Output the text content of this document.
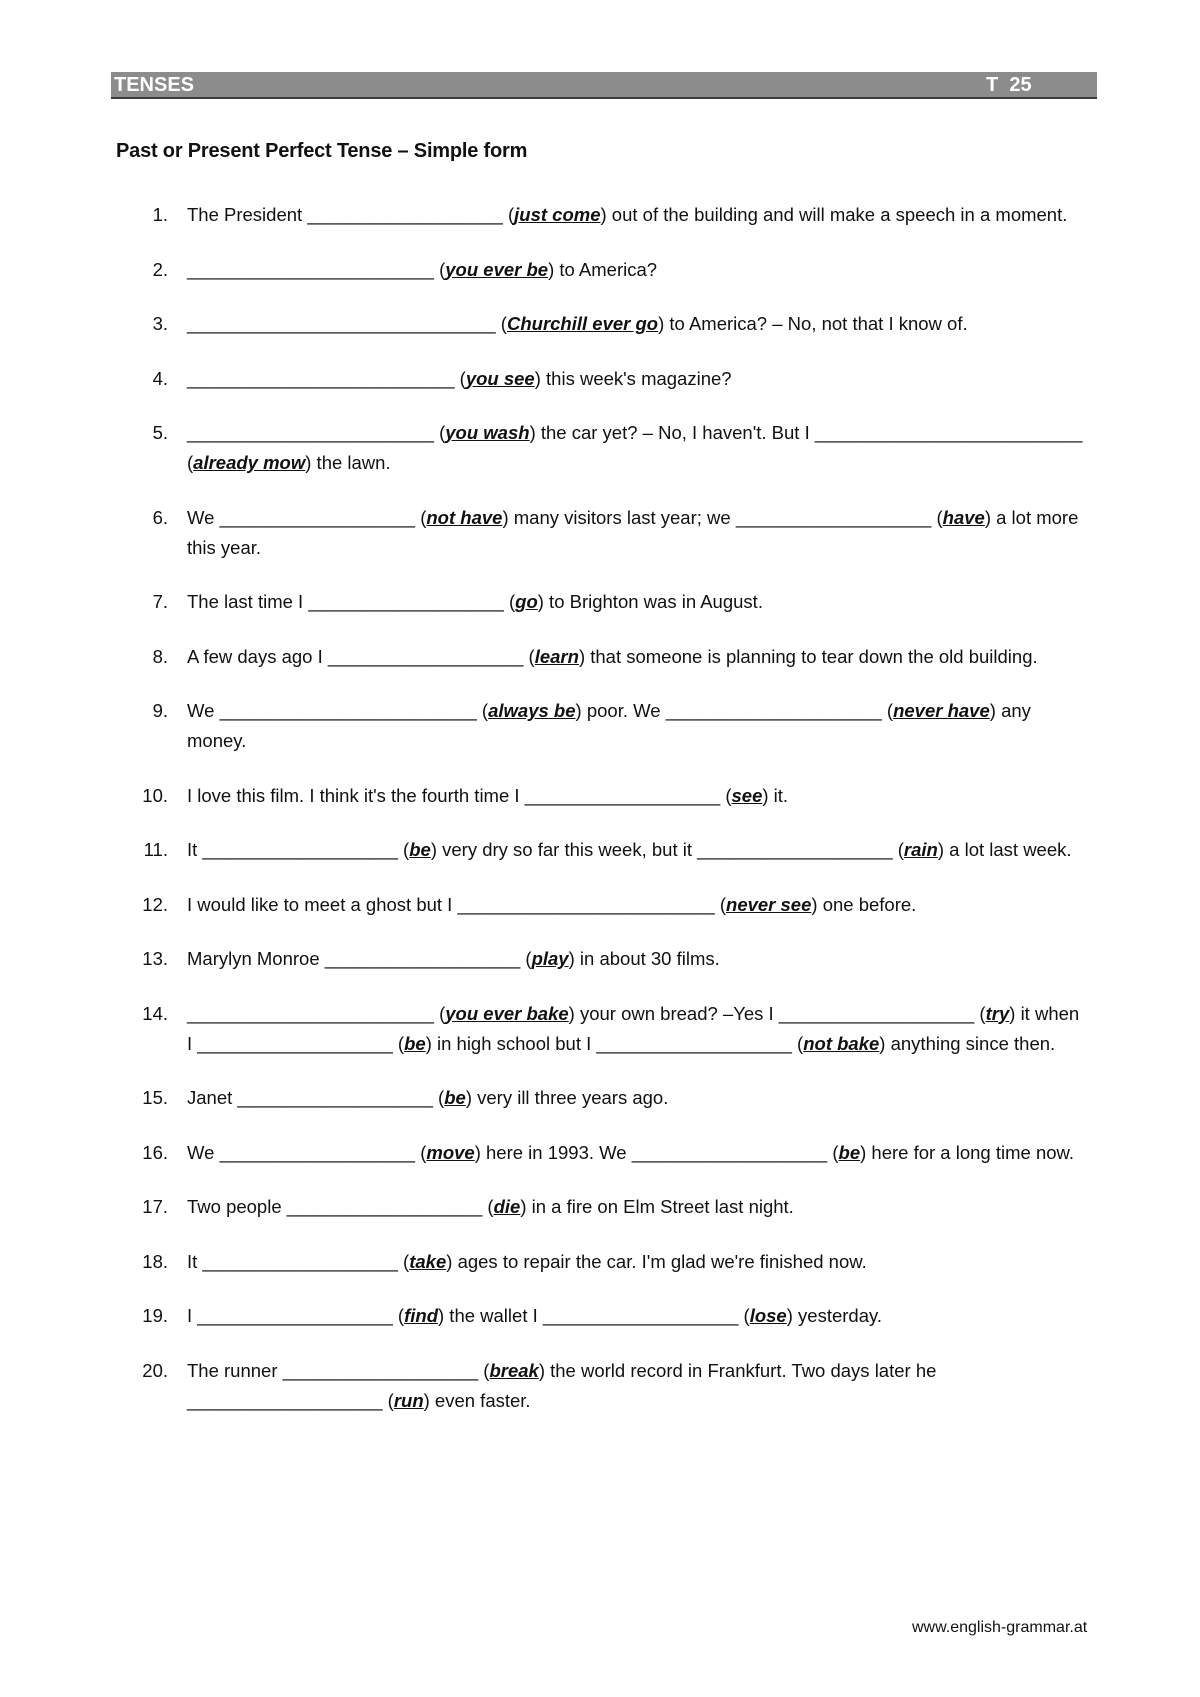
TENSES	T  25
Past or Present Perfect Tense – Simple form
1. The President ___________________ (just come) out of the building and will make a speech in a moment.
2. ________________________ (you ever be) to America?
3. ______________________________ (Churchill ever go) to America? – No, not that I know of.
4. __________________________ (you see) this week's magazine?
5. ________________________ (you wash) the car yet? – No, I haven't. But I __________________________ (already mow) the lawn.
6. We ___________________ (not have) many visitors last year; we ___________________ (have) a lot more this year.
7. The last time I ___________________ (go) to Brighton was in August.
8. A few days ago I ___________________ (learn) that someone is planning to tear down the old building.
9. We _________________________ (always be) poor. We _____________________ (never have) any money.
10. I love this film. I think it's the fourth time I ___________________ (see) it.
11. It ___________________ (be) very dry so far this week, but it ___________________ (rain) a lot last week.
12. I would like to meet a ghost but I _________________________ (never see) one before.
13. Marylyn Monroe ___________________ (play) in about 30 films.
14. ________________________ (you ever bake) your own bread? –Yes I ___________________ (try) it when I ___________________ (be) in high school but I ___________________ (not bake) anything since then.
15. Janet ___________________ (be) very ill three years ago.
16. We ___________________ (move) here in 1993. We ___________________ (be) here for a long time now.
17. Two people ___________________ (die) in a fire on Elm Street last night.
18. It ___________________ (take) ages to repair the car. I'm glad we're finished now.
19. I ___________________ (find) the wallet I ___________________ (lose) yesterday.
20. The runner ___________________ (break) the world record in Frankfurt. Two days later he ___________________ (run) even faster.
www.english-grammar.at
